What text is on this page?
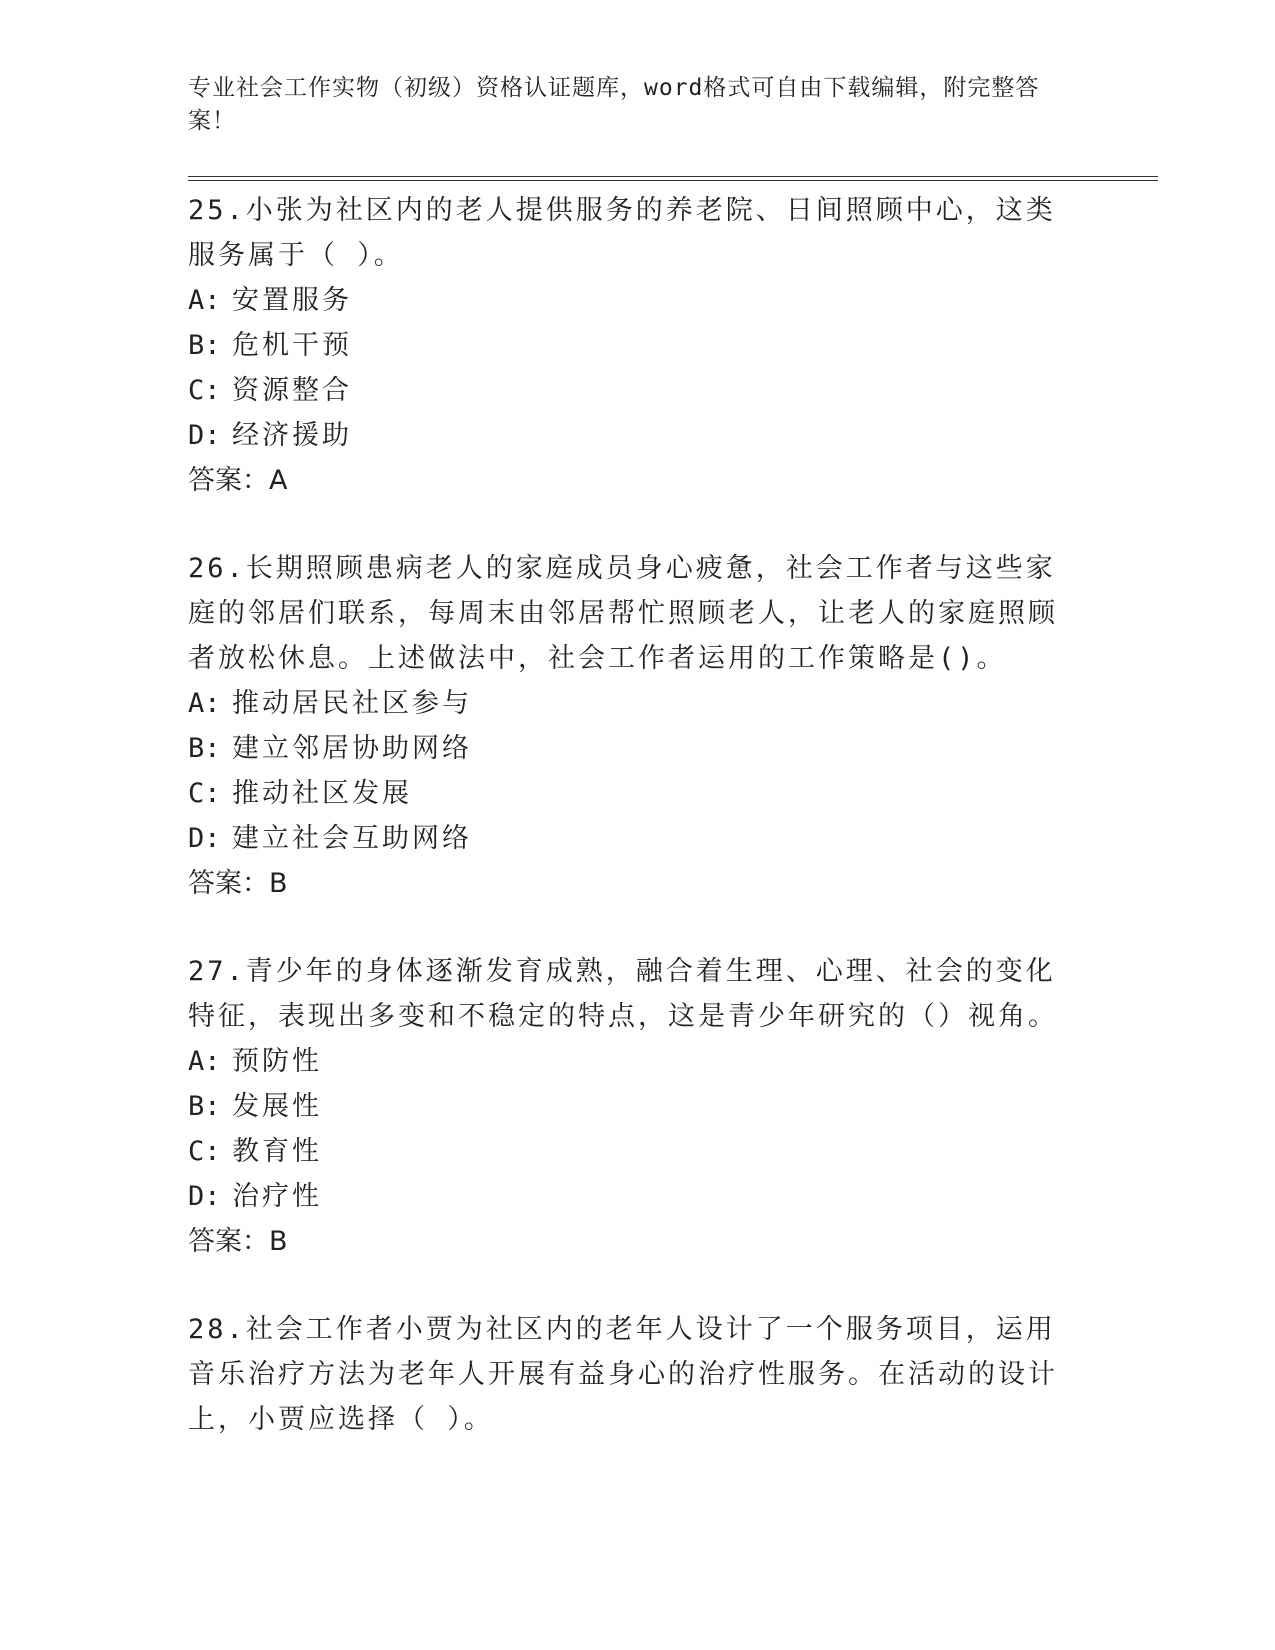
专业社会工作实物（初级）资格认证题库，word格式可自由下载编辑，附完整答案！

25.小张为社区内的老人提供服务的养老院、日间照顾中心，这类服务属于（ ）。

A: 安置服务

B: 危机干预

C: 资源整合

D: 经济援助

答案：A

26.长期照顾患病老人的家庭成员身心疲惫，社会工作者与这些家庭的邻居们联系，每周末由邻居帮忙照顾老人，让老人的家庭照顾者放松休息。上述做法中，社会工作者运用的工作策略是()。

A: 推动居民社区参与

B: 建立邻居协助网络

C: 推动社区发展

D: 建立社会互助网络

答案：B

27.青少年的身体逐渐发育成熟，融合着生理、心理、社会的变化特征，表现出多变和不稳定的特点，这是青少年研究的（）视角。

A: 预防性

B: 发展性

C: 教育性

D: 治疗性

答案：B

28.社会工作者小贾为社区内的老年人设计了一个服务项目，运用音乐治疗方法为老年人开展有益身心的治疗性服务。在活动的设计上，小贾应选择（ ）。
